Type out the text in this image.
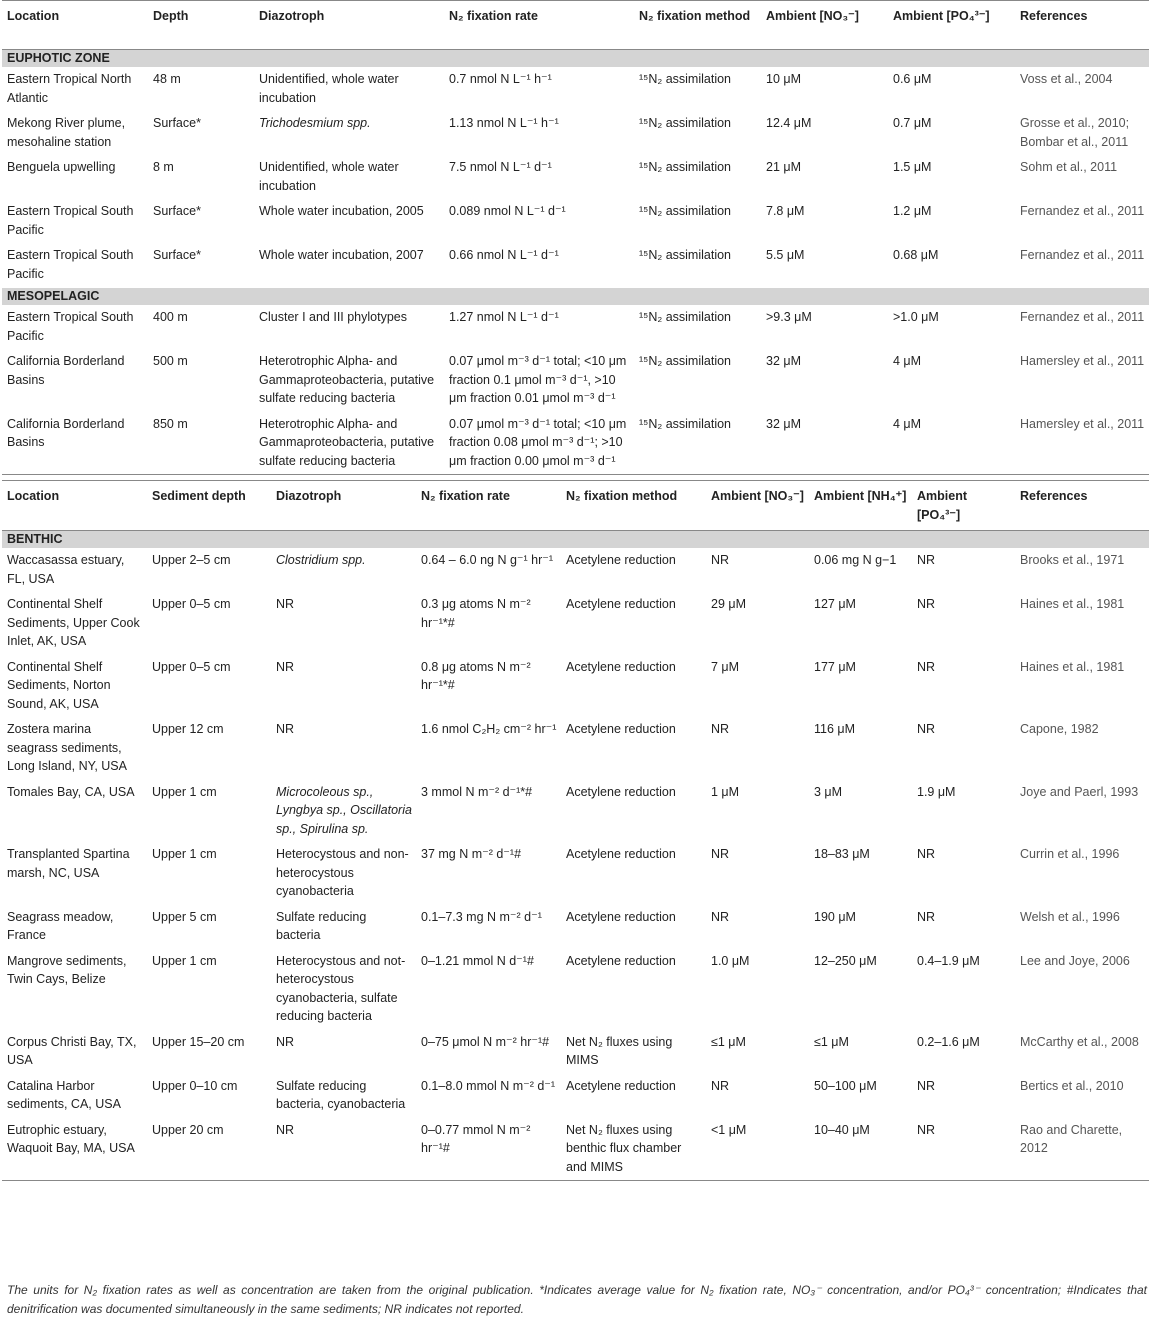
Location	Depth	Diazotroph	N₂ fixation rate	N₂ fixation method	Ambient [NO₃⁻]	Ambient [PO₄³⁻]	References
EUPHOTIC ZONE							
Eastern Tropical North Atlantic	48 m	Unidentified, whole water incubation	0.7 nmol N L⁻¹ h⁻¹	¹⁵N₂ assimilation	10 μM	0.6 μM	Voss et al., 2004
Mekong River plume, mesohaline station	Surface*	Trichodesmium spp.	1.13 nmol N L⁻¹ h⁻¹	¹⁵N₂ assimilation	12.4 μM	0.7 μM	Grosse et al., 2010; Bombar et al., 2011
Benguela upwelling	8 m	Unidentified, whole water incubation	7.5 nmol N L⁻¹ d⁻¹	¹⁵N₂ assimilation	21 μM	1.5 μM	Sohm et al., 2011
Eastern Tropical South Pacific	Surface*	Whole water incubation, 2005	0.089 nmol N L⁻¹ d⁻¹	¹⁵N₂ assimilation	7.8 μM	1.2 μM	Fernandez et al., 2011
Eastern Tropical South Pacific	Surface*	Whole water incubation, 2007	0.66 nmol N L⁻¹ d⁻¹	¹⁵N₂ assimilation	5.5 μM	0.68 μM	Fernandez et al., 2011
MESOPELAGIC							
Eastern Tropical South Pacific	400 m	Cluster I and III phylotypes	1.27 nmol N L⁻¹ d⁻¹	¹⁵N₂ assimilation	>9.3 μM	>1.0 μM	Fernandez et al., 2011
California Borderland Basins	500 m	Heterotrophic Alpha- and Gammaproteobacteria, putative sulfate reducing bacteria	0.07 μmol m⁻³ d⁻¹ total; <10 μm fraction 0.1 μmol m⁻³ d⁻¹, >10 μm fraction 0.01 μmol m⁻³ d⁻¹	¹⁵N₂ assimilation	32 μM	4 μM	Hamersley et al., 2011
California Borderland Basins	850 m	Heterotrophic Alpha- and Gammaproteobacteria, putative sulfate reducing bacteria	0.07 μmol m⁻³ d⁻¹ total; <10 μm fraction 0.08 μmol m⁻³ d⁻¹; >10 μm fraction 0.00 μmol m⁻³ d⁻¹	¹⁵N₂ assimilation	32 μM	4 μM	Hamersley et al., 2011
Location	Sediment depth	Diazotroph	N₂ fixation rate	N₂ fixation method	Ambient [NO₃⁻]	Ambient [NH₄⁺]	Ambient [PO₄³⁻]	References
BENTHIC								
Waccasassa estuary, FL, USA	Upper 2–5 cm	Clostridium spp.	0.64 – 6.0 ng N g⁻¹ hr⁻¹	Acetylene reduction	NR	0.06 mg N g−1	NR	Brooks et al., 1971
Continental Shelf Sediments, Upper Cook Inlet, AK, USA	Upper 0–5 cm	NR	0.3 μg atoms N m⁻² hr⁻¹*#	Acetylene reduction	29 μM	127 μM	NR	Haines et al., 1981
Continental Shelf Sediments, Norton Sound, AK, USA	Upper 0–5 cm	NR	0.8 μg atoms N m⁻² hr⁻¹*#	Acetylene reduction	7 μM	177 μM	NR	Haines et al., 1981
Zostera marina seagrass sediments, Long Island, NY, USA	Upper 12 cm	NR	1.6 nmol C₂H₂ cm⁻² hr⁻¹	Acetylene reduction	NR	116 μM	NR	Capone, 1982
Tomales Bay, CA, USA	Upper 1 cm	Microcoleous sp., Lyngbya sp., Oscillatoria sp., Spirulina sp.	3 mmol N m⁻² d⁻¹*#	Acetylene reduction	1 μM	3 μM	1.9 μM	Joye and Paerl, 1993
Transplanted Spartina marsh, NC, USA	Upper 1 cm	Heterocystous and non-heterocystous cyanobacteria	37 mg N m⁻² d⁻¹#	Acetylene reduction	NR	18–83 μM	NR	Currin et al., 1996
Seagrass meadow, France	Upper 5 cm	Sulfate reducing bacteria	0.1–7.3 mg N m⁻² d⁻¹	Acetylene reduction	NR	190 μM	NR	Welsh et al., 1996
Mangrove sediments, Twin Cays, Belize	Upper 1 cm	Heterocystous and not-heterocystous cyanobacteria, sulfate reducing bacteria	0–1.21 mmol N d⁻¹#	Acetylene reduction	1.0 μM	12–250 μM	0.4–1.9 μM	Lee and Joye, 2006
Corpus Christi Bay, TX, USA	Upper 15–20 cm	NR	0–75 μmol N m⁻² hr⁻¹#	Net N₂ fluxes using MIMS	≤1 μM	≤1 μM	0.2–1.6 μM	McCarthy et al., 2008
Catalina Harbor sediments, CA, USA	Upper 0–10 cm	Sulfate reducing bacteria, cyanobacteria	0.1–8.0 mmol N m⁻² d⁻¹	Acetylene reduction	NR	50–100 μM	NR	Bertics et al., 2010
Eutrophic estuary, Waquoit Bay, MA, USA	Upper 20 cm	NR	0–0.77 mmol N m⁻² hr⁻¹#	Net N₂ fluxes using benthic flux chamber and MIMS	<1 μM	10–40 μM	NR	Rao and Charette, 2012
The units for N₂ fixation rates as well as concentration are taken from the original publication. *Indicates average value for N₂ fixation rate, NO₃⁻ concentration, and/or PO₄³⁻ concentration; #Indicates that denitrification was documented simultaneously in the same sediments; NR indicates not reported.
